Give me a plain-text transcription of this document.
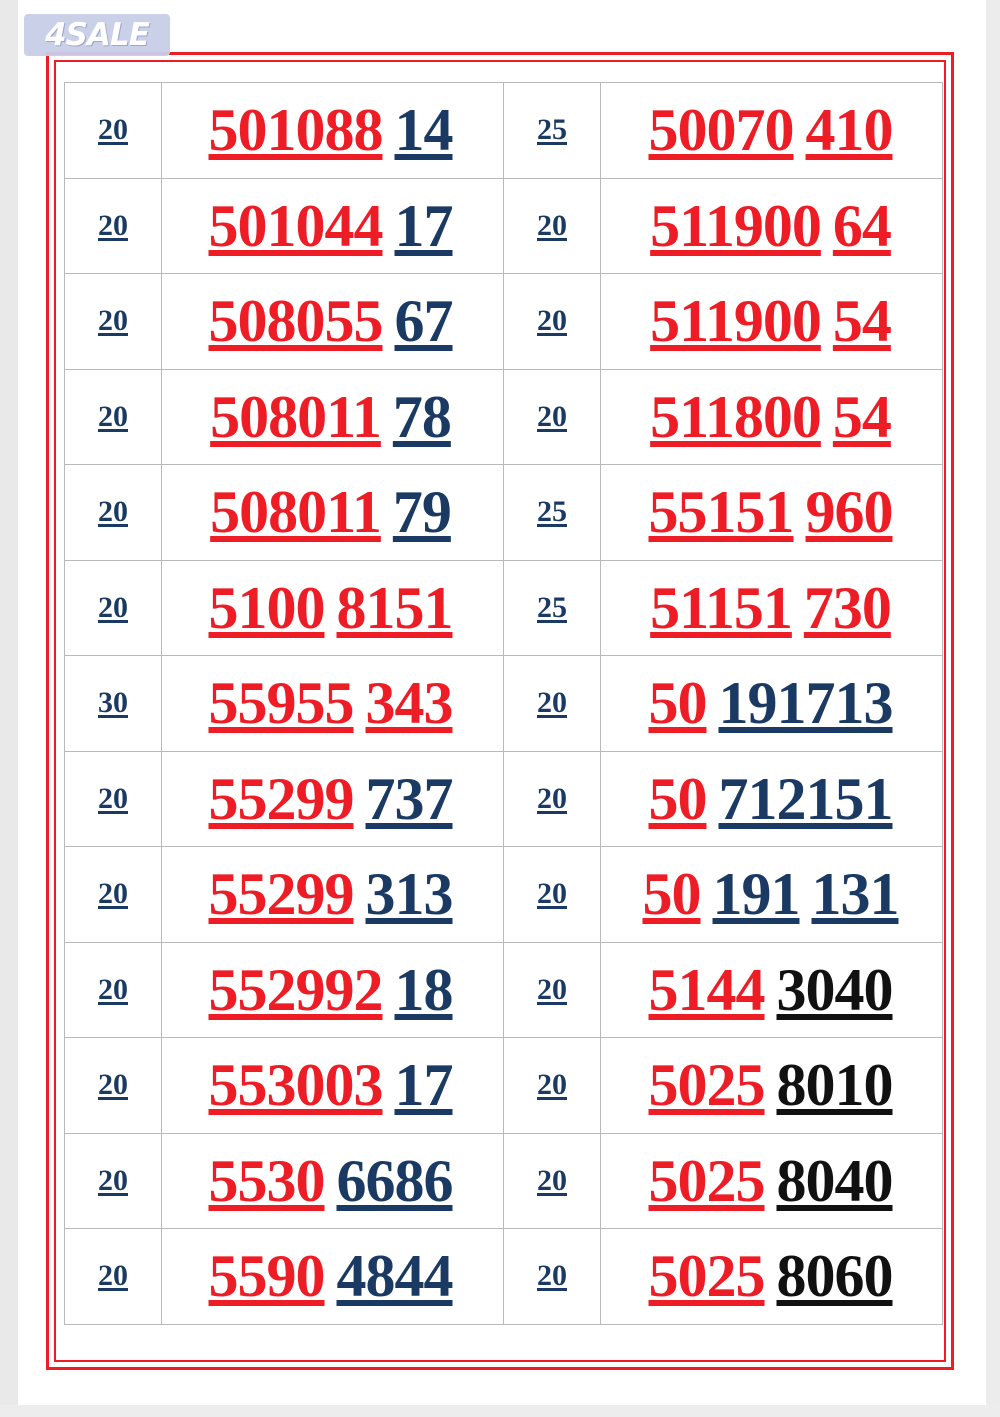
4SALE
20	501088 14	25	50070 410

20	501044 17	20	511900 64

20	508055 67	20	511900 54

20	508011 78	20	511800 54

20	508011 79	25	55151 960

20	5100 8151	25	51151 730

30	55955 343	20	50 191713

20	55299 737	20	50 712151

20	55299 313	20	50 191 131

20	552992 18	20	5144 3040

20	553003 17	20	5025 8010

20	5530 6686	20	5025 8040

20	5590 4844	20	5025 8060
